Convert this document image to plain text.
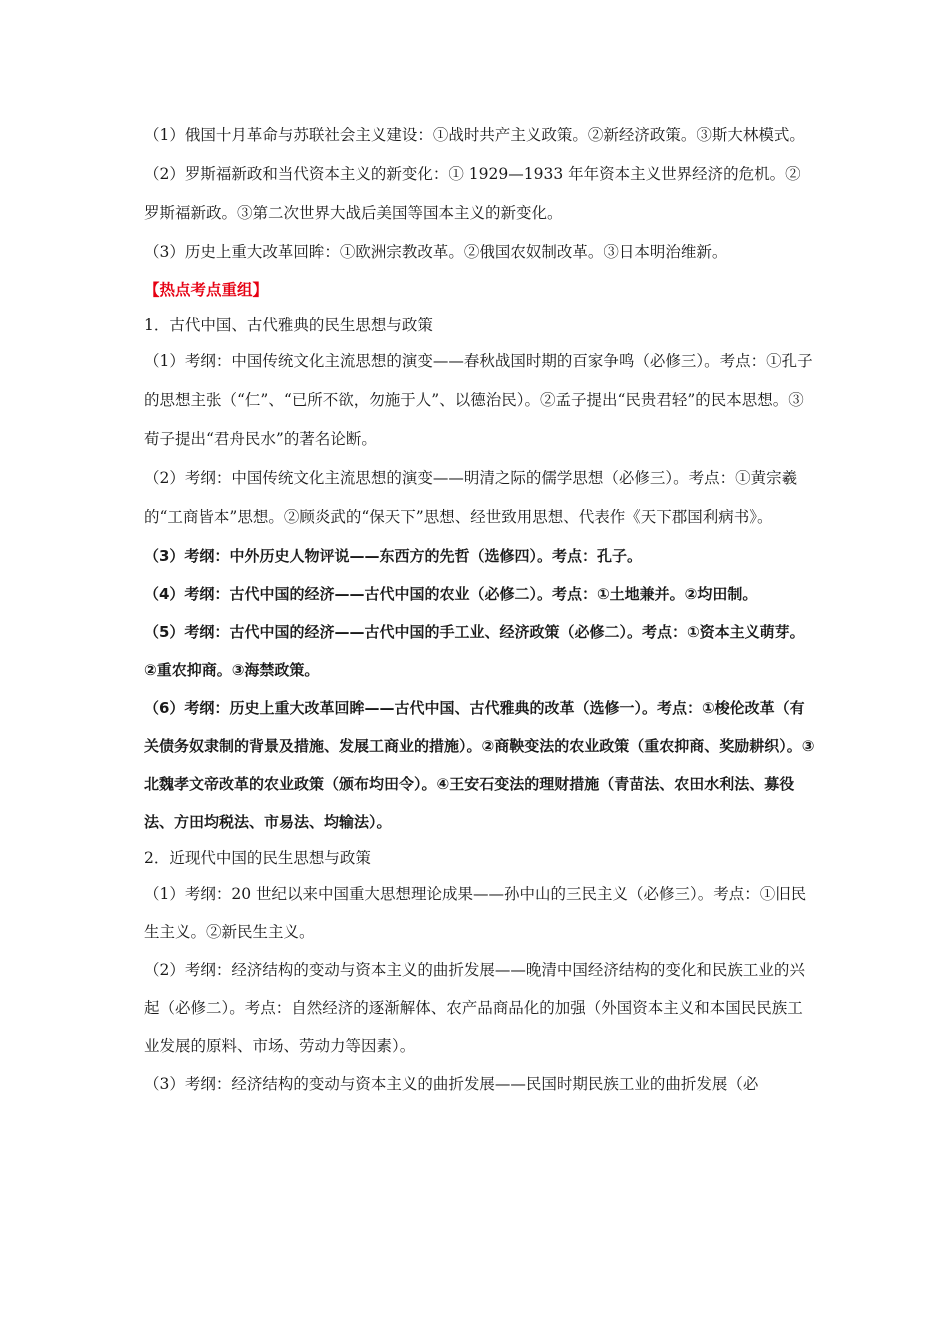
（1）俄国十月革命与苏联社会主义建设：①战时共产主义政策。②新经济政策。③斯大林模式。

（2）罗斯福新政和当代资本主义的新变化：① 1929—1933 年年资本主义世界经济的危机。②罗斯福新政。③第二次世界大战后美国等国本主义的新变化。

（3）历史上重大改革回眸：①欧洲宗教改革。②俄国农奴制改革。③日本明治维新。

【热点考点重组】

1．古代中国、古代雅典的民生思想与政策

（1）考纲：中国传统文化主流思想的演变——春秋战国时期的百家争鸣（必修三）。考点：①孔子的思想主张（“仁”、“已所不欲，勿施于人”、以德治民）。②孟子提出“民贵君轻”的民本思想。③荀子提出“君舟民水”的著名论断。

（2）考纲：中国传统文化主流思想的演变——明清之际的儒学思想（必修三）。考点：①黄宗羲的“工商皆本”思想。②顾炎武的“保天下”思想、经世致用思想、代表作《天下郡国利病书》。

（3）考纲：中外历史人物评说——东西方的先哲（选修四）。考点：孔子。

（4）考纲：古代中国的经济——古代中国的农业（必修二）。考点：①土地兼并。②均田制。

（5）考纲：古代中国的经济——古代中国的手工业、经济政策（必修二）。考点：①资本主义萌芽。②重农抑商。③海禁政策。

（6）考纲：历史上重大改革回眸——古代中国、古代雅典的改革（选修一）。考点：①梭伦改革（有关债务奴隶制的背景及措施、发展工商业的措施）。②商鞅变法的农业政策（重农抑商、奖励耕织）。③北魏孝文帝改革的农业政策（颁布均田令）。④王安石变法的理财措施（青苗法、农田水利法、募役法、方田均税法、市易法、均输法）。

2．近现代中国的民生思想与政策

（1）考纲：20 世纪以来中国重大思想理论成果——孙中山的三民主义（必修三）。考点：①旧民生主义。②新民生主义。

（2）考纲：经济结构的变动与资本主义的曲折发展——晚清中国经济结构的变化和民族工业的兴起（必修二）。考点：自然经济的逐渐解体、农产品商品化的加强（外国资本主义和本国民民族工业发展的原料、市场、劳动力等因素）。

（3）考纲：经济结构的变动与资本主义的曲折发展——民国时期民族工业的曲折发展（必
